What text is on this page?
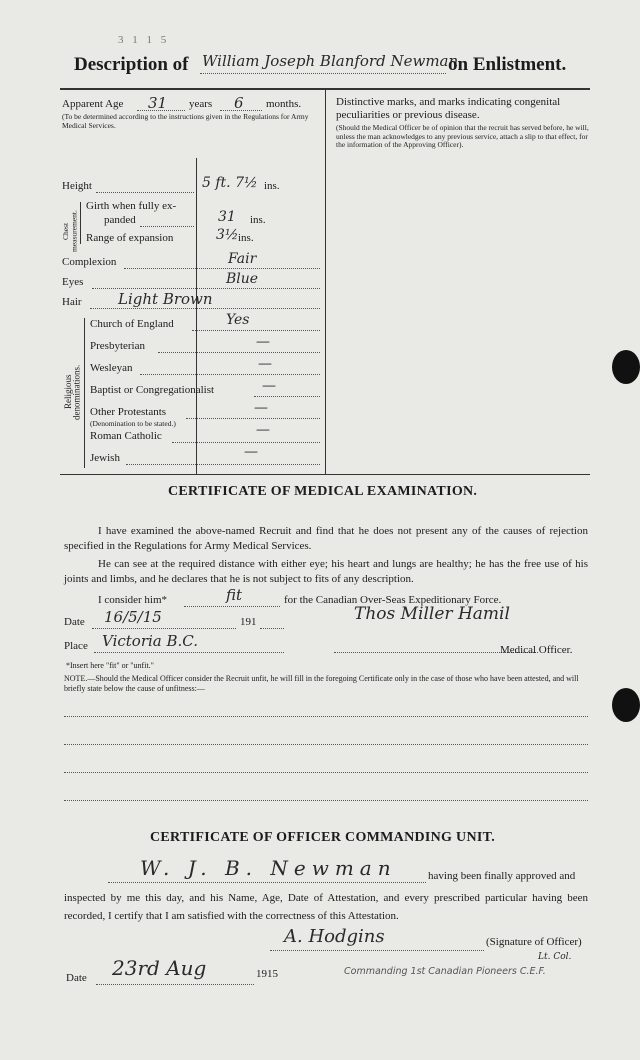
3 1 1 5
Description of William Joseph Blanford Newman
on Enlistment.
Apparent Age 31 years 6 months.
(To be determined according to the instructions given in the Regulations for Army Medical Services.
Height	5 ft. 7½ ins.
Chest measurement.
Girth when fully ex-
panded	31 ins.
Range of expansion	3½ ins.
Complexion	Fair
Eyes	Blue
Hair Light Brown
Religious denominations.
Church of England	Yes
Presbyterian	—
Wesleyan	—
Baptist or Congregationalist	—
Other Protestants	—
(Denomination to be stated.)
Roman Catholic	—
Jewish	—
Distinctive marks, and marks indicating congenital peculiarities or previous disease.
(Should the Medical Officer be of opinion that the recruit has served before, he will, unless the man acknowledges to any previous service, attach a slip to that effect, for the information of the Approving Officer).
CERTIFICATE OF MEDICAL EXAMINATION.
I have examined the above-named Recruit and find that he does not present any of the causes of rejection specified in the Regulations for Army Medical Services.
He can see at the required distance with either eye; his heart and lungs are healthy; he has the free use of his joints and limbs, and he declares that he is not subject to fits of any description.
I consider him*	fit	for the Canadian Over-Seas Expeditionary Force.
Date 16/5/15	191	Thos Miller Hamil
Medical Officer.
Place Victoria B.C.
*Insert here "fit" or "unfit."
NOTE.—Should the Medical Officer consider the Recruit unfit, he will fill in the foregoing Certificate only in the case of those who have been attested, and will briefly state below the cause of unfitness:—
CERTIFICATE OF OFFICER COMMANDING UNIT.
W. J. B. Newman	having been finally approved and
inspected by me this day, and his Name, Age, Date of Attestation, and every prescribed particular having been recorded, I certify that I am satisfied with the correctness of this Attestation.
A. Hodgins	(Signature of Officer)
Lt. Col.
Commanding 1st Canadian Pioneers C.E.F.
Date 23rd Aug	1915
